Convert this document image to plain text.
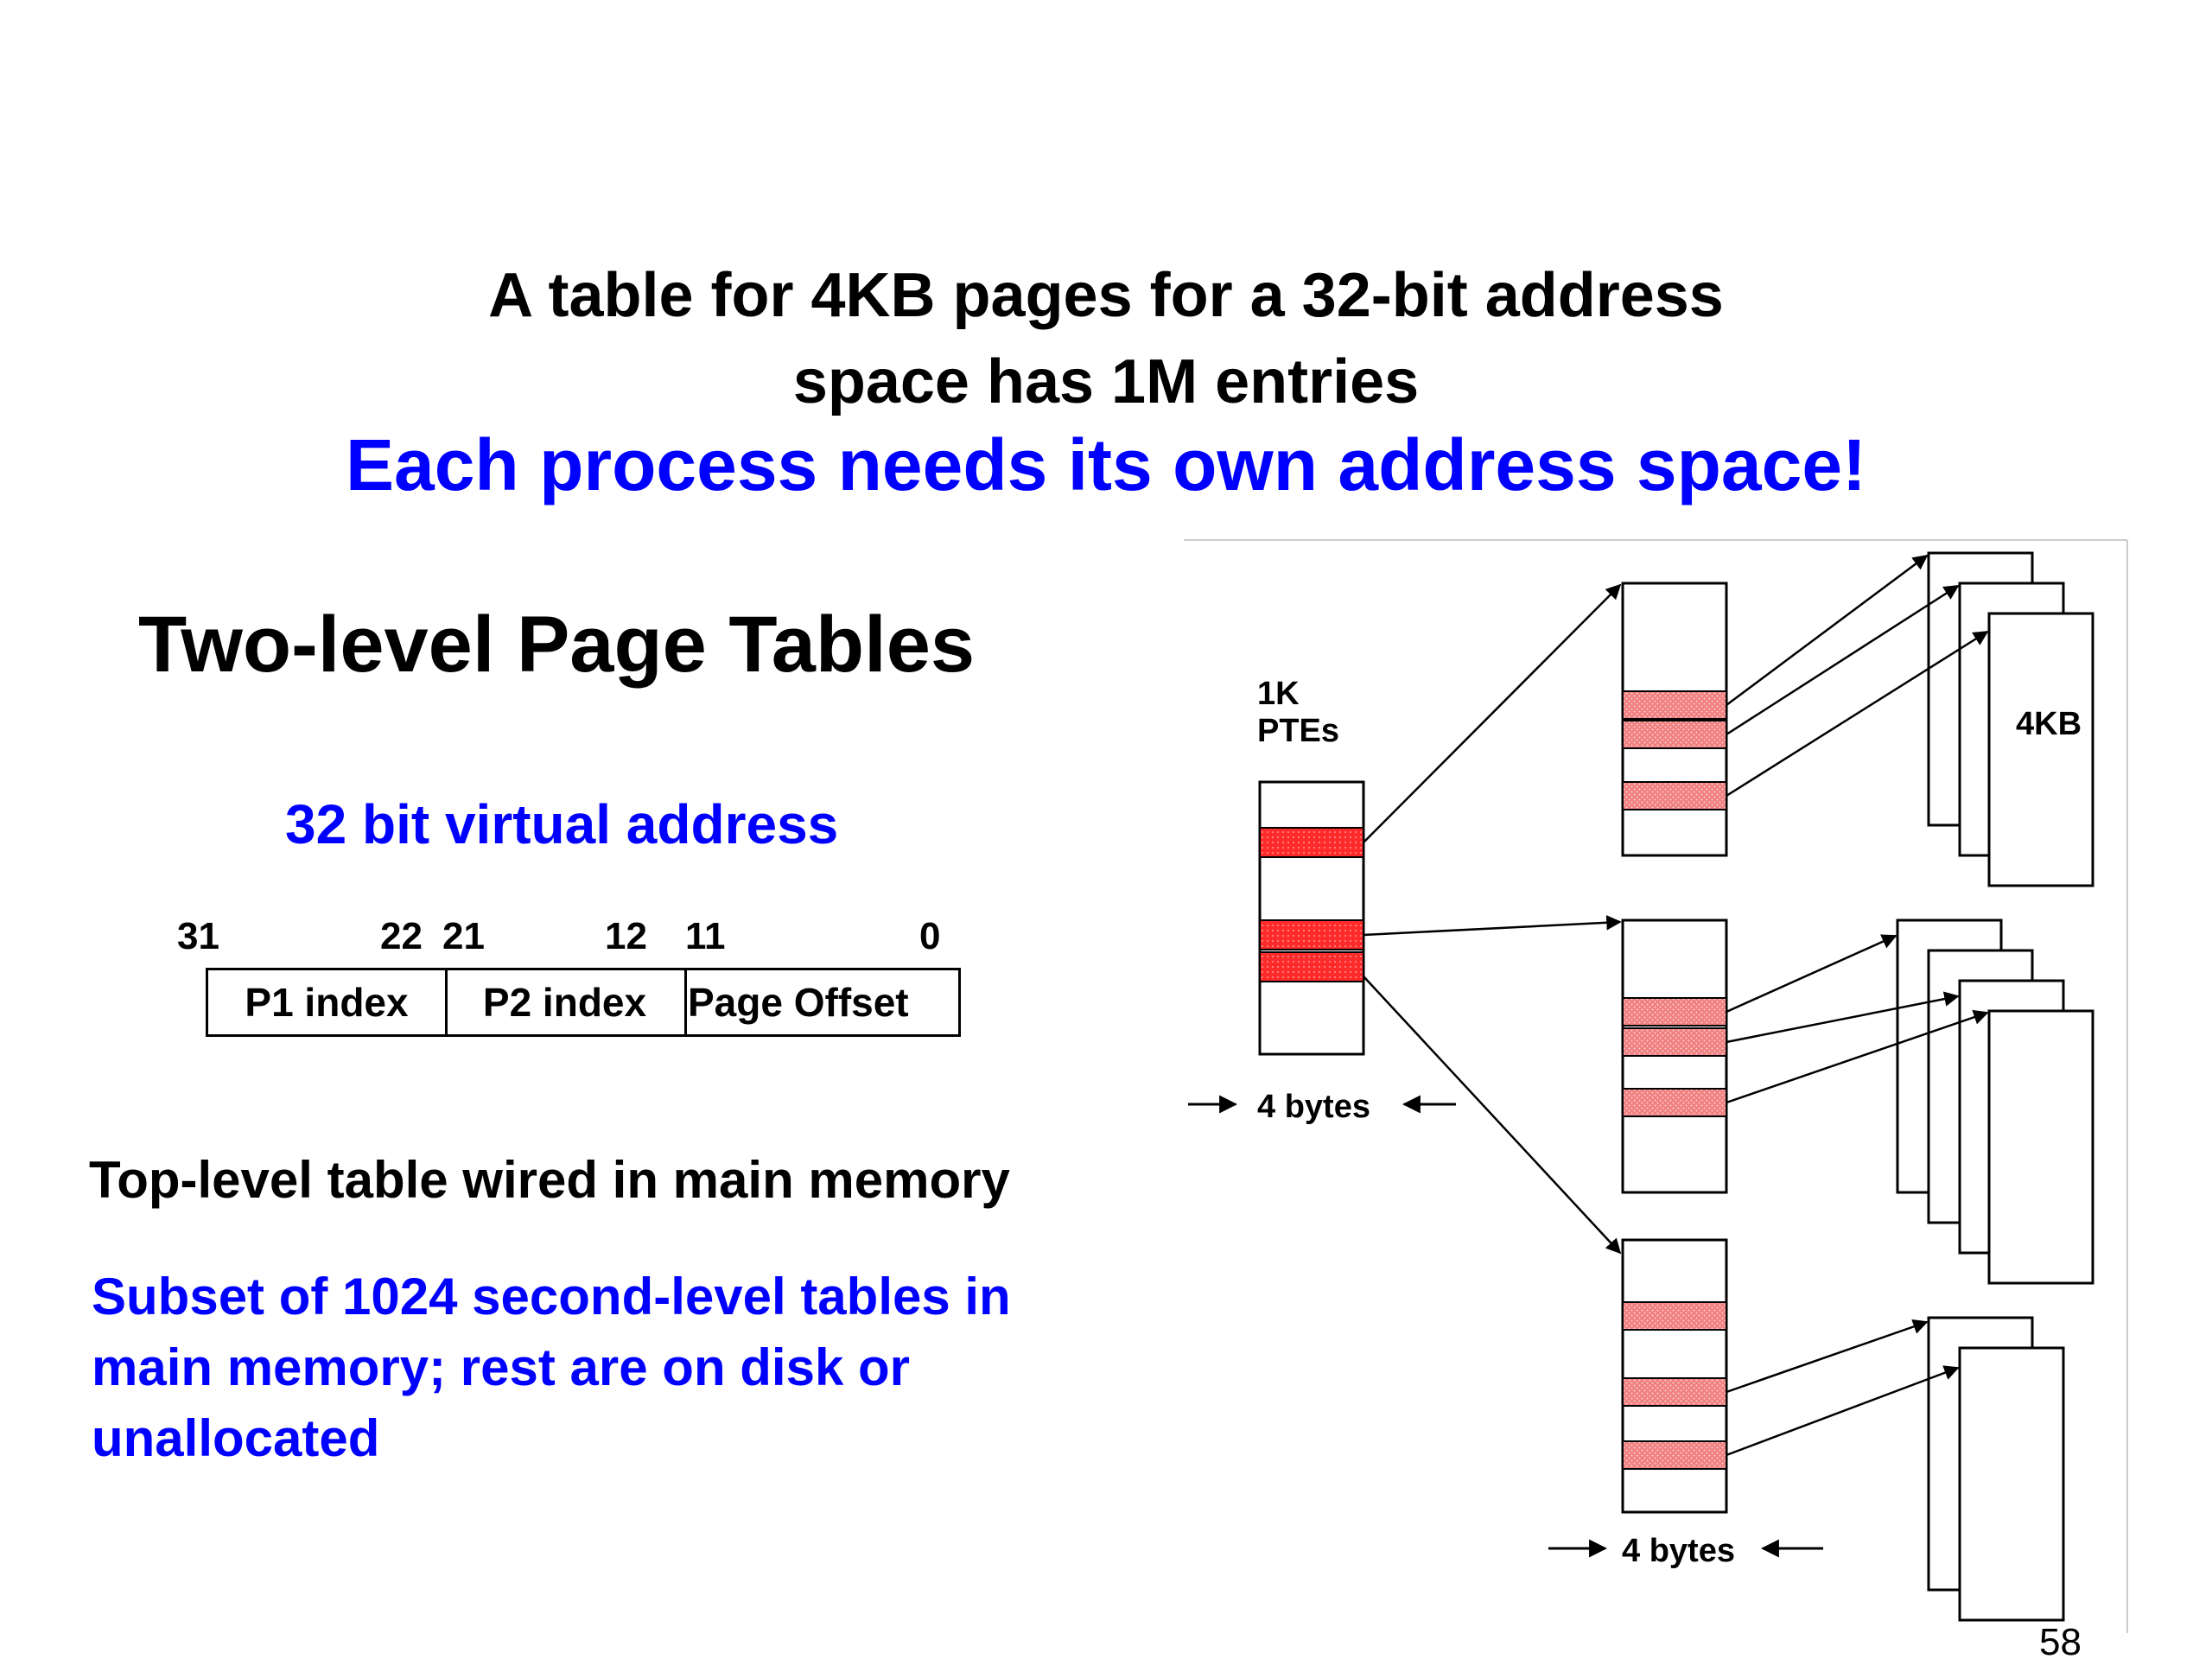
A table for 4KB pages for a 32-bit address
space has 1M entries
Each process needs its own address space!
Two-level Page Tables
32 bit virtual address
31	22 21	12 11	0
P1 index	P2 index	Page Offset
Top-level table wired in main memory
Subset of 1024 second-level tables in
main memory; rest are on disk or
unallocated
1K
PTEs
4 bytes
4 bytes
4KB
58
